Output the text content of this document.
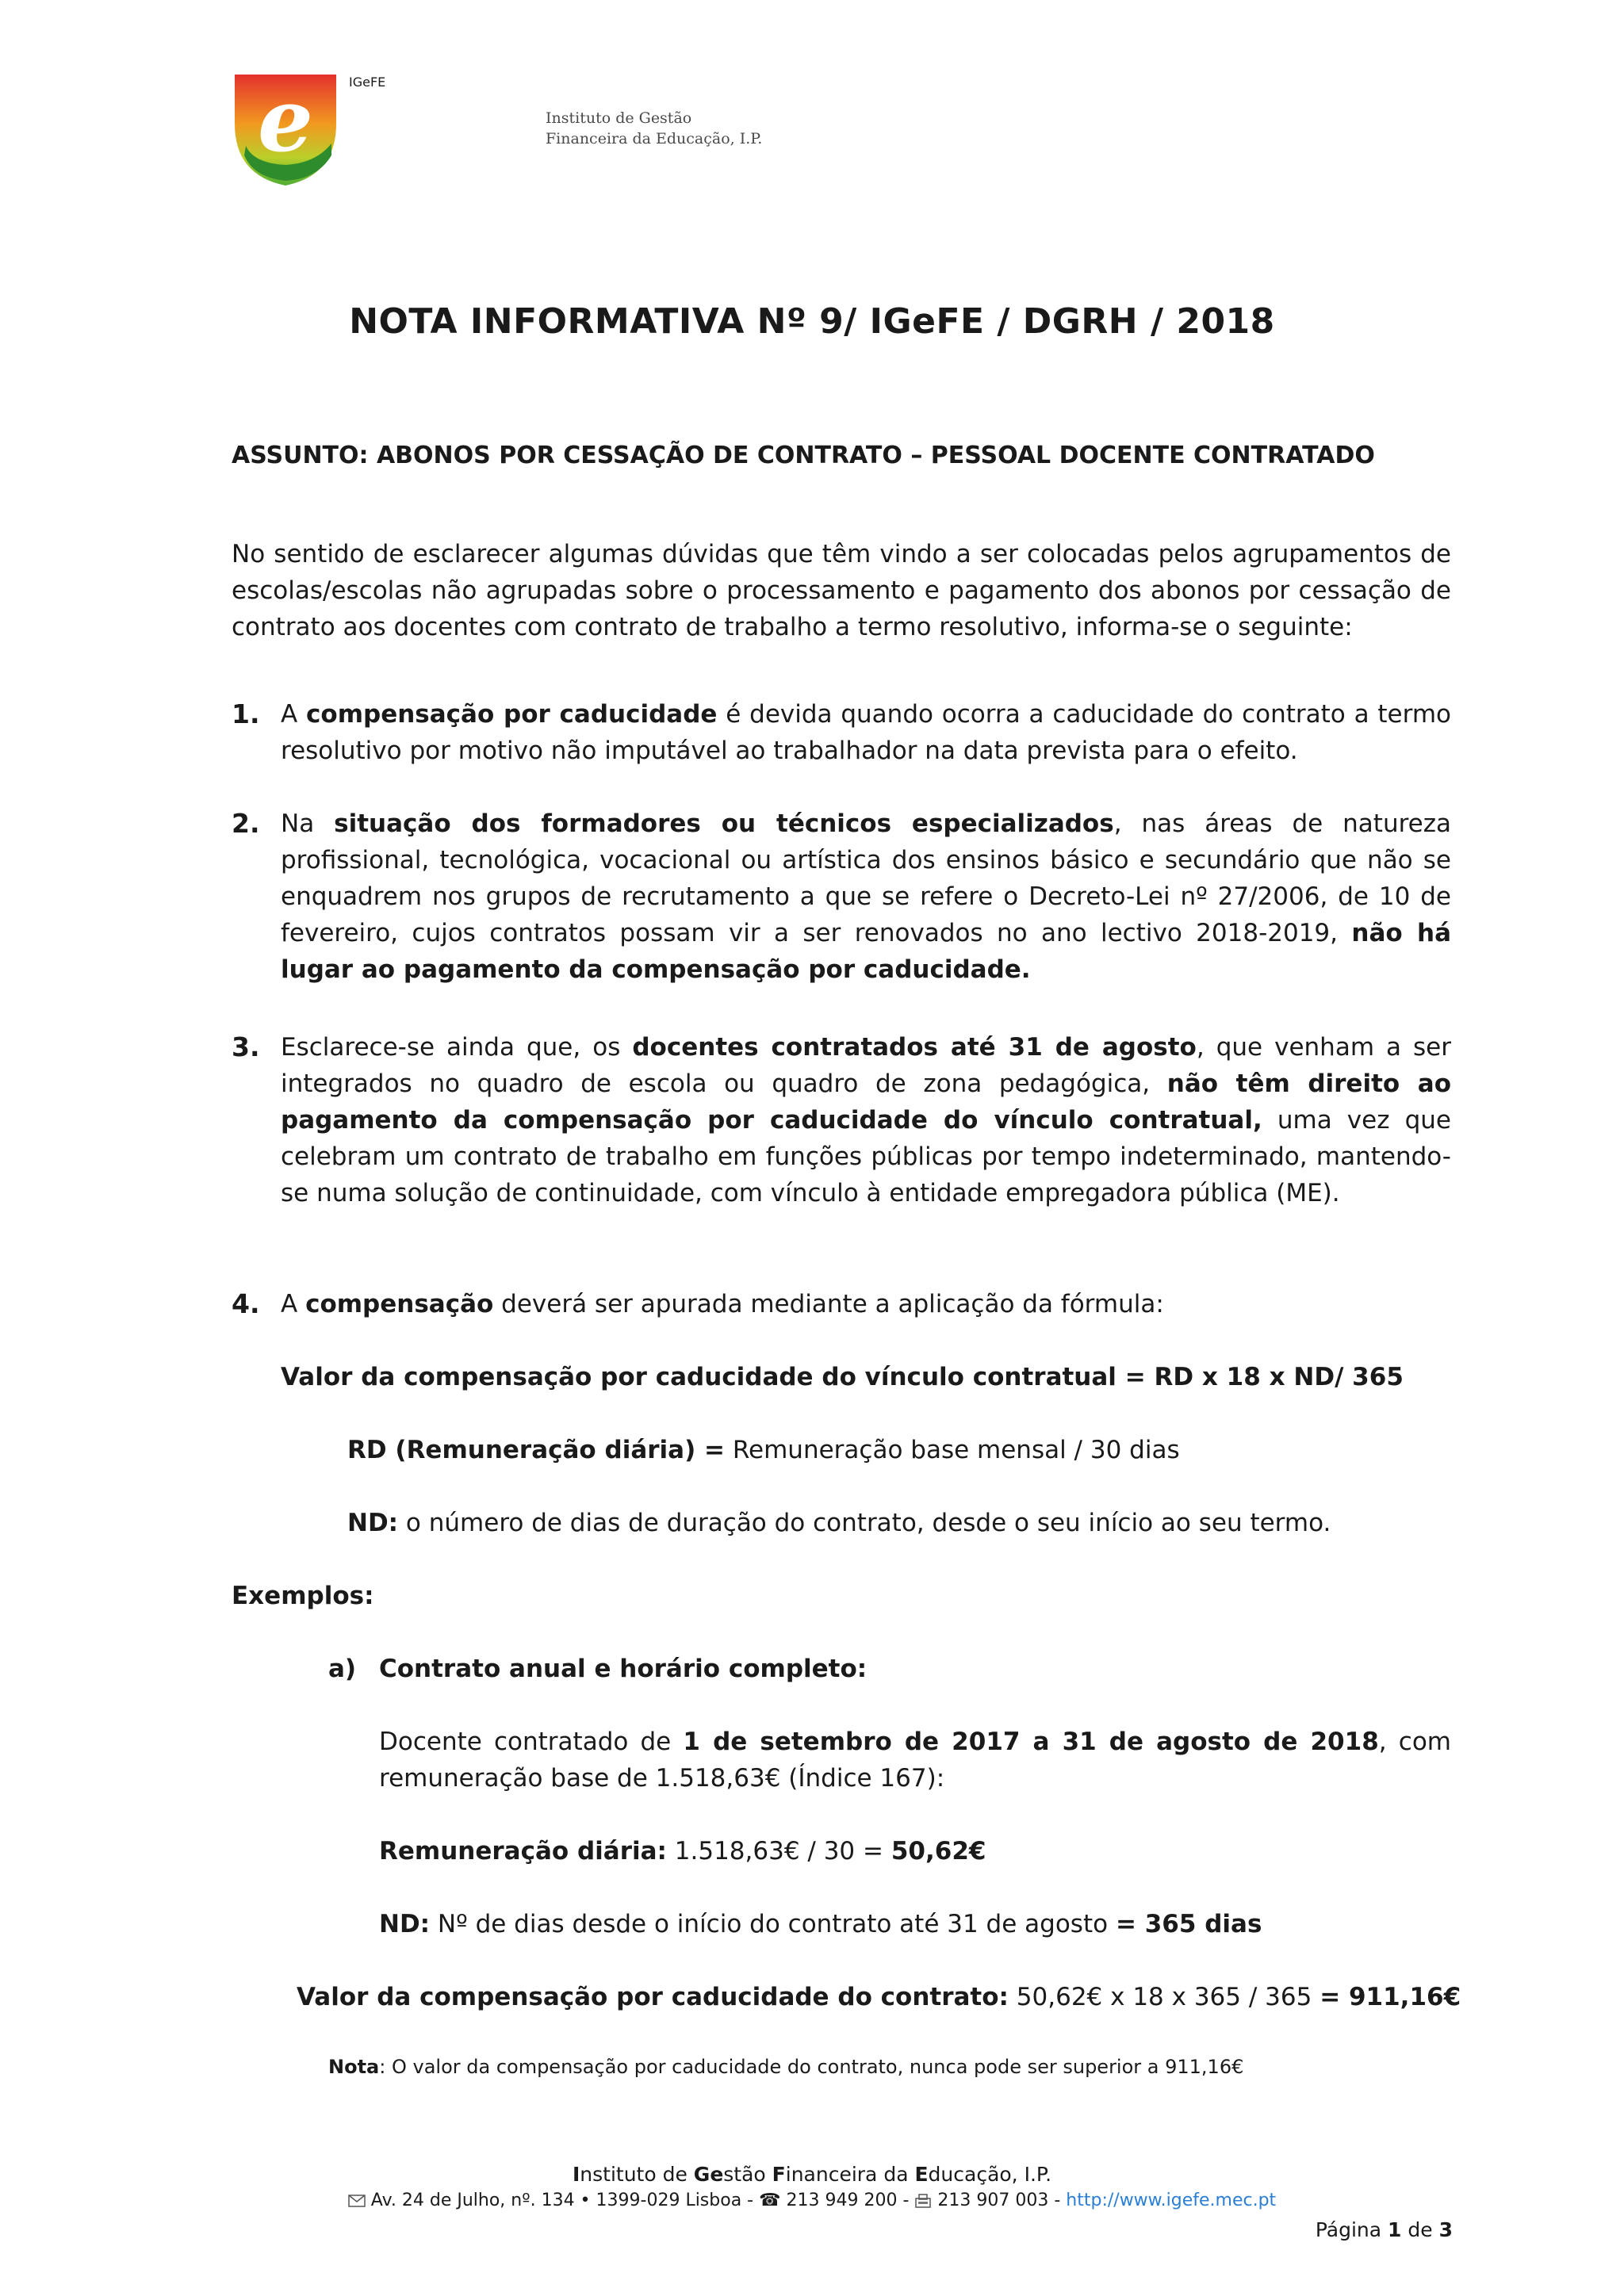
e	IGeFE
Instituto de Gestão
Financeira da Educação, I.P.
NOTA INFORMATIVA Nº 9/ IGeFE / DGRH / 2018
ASSUNTO: ABONOS POR CESSAÇÃO DE CONTRATO – PESSOAL DOCENTE CONTRATADO
No sentido de esclarecer algumas dúvidas que têm vindo a ser colocadas pelos agrupamentos de escolas/escolas não agrupadas sobre o processamento e pagamento dos abonos por cessação de contrato aos docentes com contrato de trabalho a termo resolutivo, informa-se o seguinte:
1. A compensação por caducidade é devida quando ocorra a caducidade do contrato a termo resolutivo por motivo não imputável ao trabalhador na data prevista para o efeito.
2. Na situação dos formadores ou técnicos especializados, nas áreas de natureza profissional, tecnológica, vocacional ou artística dos ensinos básico e secundário que não se enquadrem nos grupos de recrutamento a que se refere o Decreto-Lei nº 27/2006, de 10 de fevereiro, cujos contratos possam vir a ser renovados no ano lectivo 2018-2019, não há lugar ao pagamento da compensação por caducidade.
3. Esclarece-se ainda que, os docentes contratados até 31 de agosto, que venham a ser integrados no quadro de escola ou quadro de zona pedagógica, não têm direito ao pagamento da compensação por caducidade do vínculo contratual, uma vez que celebram um contrato de trabalho em funções públicas por tempo indeterminado, mantendo-se numa solução de continuidade, com vínculo à entidade empregadora pública (ME).
4. A compensação deverá ser apurada mediante a aplicação da fórmula:
Valor da compensação por caducidade do vínculo contratual = RD x 18 x ND/ 365
RD (Remuneração diária) = Remuneração base mensal / 30 dias
ND: o número de dias de duração do contrato, desde o seu início ao seu termo.
Exemplos:
a) Contrato anual e horário completo:
Docente contratado de 1 de setembro de 2017 a 31 de agosto de 2018, com remuneração base de 1.518,63€ (Índice 167):
Remuneração diária: 1.518,63€ / 30 = 50,62€
ND: Nº de dias desde o início do contrato até 31 de agosto = 365 dias
Valor da compensação por caducidade do contrato: 50,62€ x 18 x 365 / 365 = 911,16€
Nota: O valor da compensação por caducidade do contrato, nunca pode ser superior a 911,16€
Instituto de Gestão Financeira da Educação, I.P.
Av. 24 de Julho, nº. 134 • 1399-029 Lisboa - ☎ 213 949 200 -  213 907 003 - http://www.igefe.mec.pt
Página 1 de 3
